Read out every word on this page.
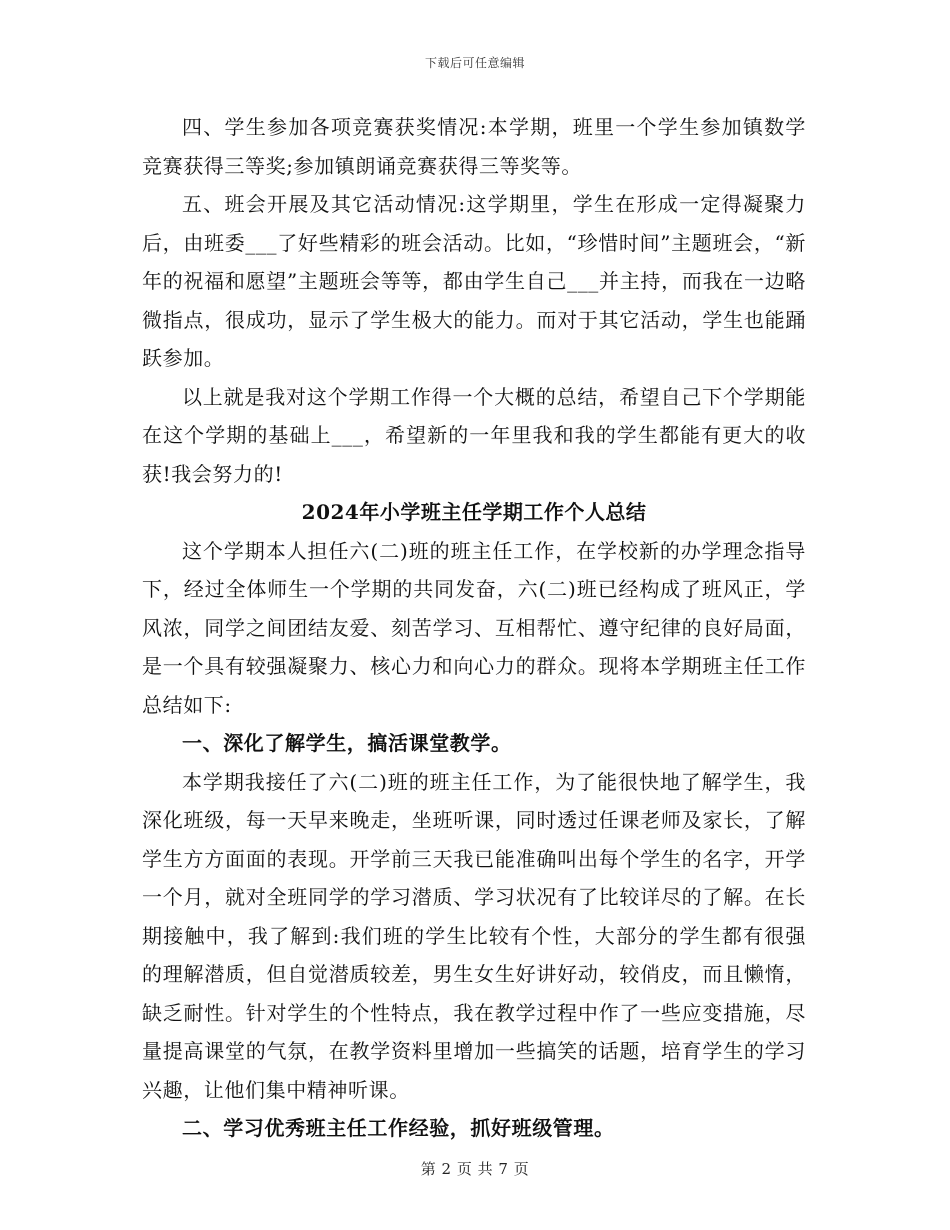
下载后可任意编辑

四、学生参加各项竞赛获奖情况:本学期，班里一个学生参加镇数学竞赛获得三等奖;参加镇朗诵竞赛获得三等奖等。

五、班会开展及其它活动情况:这学期里，学生在形成一定得凝聚力后，由班委___了好些精彩的班会活动。比如，“珍惜时间”主题班会，“新年的祝福和愿望”主题班会等等，都由学生自己___并主持，而我在一边略微指点，很成功，显示了学生极大的能力。而对于其它活动，学生也能踊跃参加。

以上就是我对这个学期工作得一个大概的总结，希望自己下个学期能在这个学期的基础上___，希望新的一年里我和我的学生都能有更大的收获!我会努力的!

2024年小学班主任学期工作个人总结

这个学期本人担任六(二)班的班主任工作，在学校新的办学理念指导下，经过全体师生一个学期的共同发奋，六(二)班已经构成了班风正，学风浓，同学之间团结友爱、刻苦学习、互相帮忙、遵守纪律的良好局面，是一个具有较强凝聚力、核心力和向心力的群众。现将本学期班主任工作总结如下:

一、深化了解学生，搞活课堂教学。

本学期我接任了六(二)班的班主任工作，为了能很快地了解学生，我深化班级，每一天早来晚走，坐班听课，同时透过任课老师及家长，了解学生方方面面的表现。开学前三天我已能准确叫出每个学生的名字，开学一个月，就对全班同学的学习潜质、学习状况有了比较详尽的了解。在长期接触中，我了解到:我们班的学生比较有个性，大部分的学生都有很强的理解潜质，但自觉潜质较差，男生女生好讲好动，较俏皮，而且懒惰，缺乏耐性。针对学生的个性特点，我在教学过程中作了一些应变措施，尽量提高课堂的气氛，在教学资料里增加一些搞笑的话题，培育学生的学习兴趣，让他们集中精神听课。

二、学习优秀班主任工作经验，抓好班级管理。
第 2 页 共 7 页
